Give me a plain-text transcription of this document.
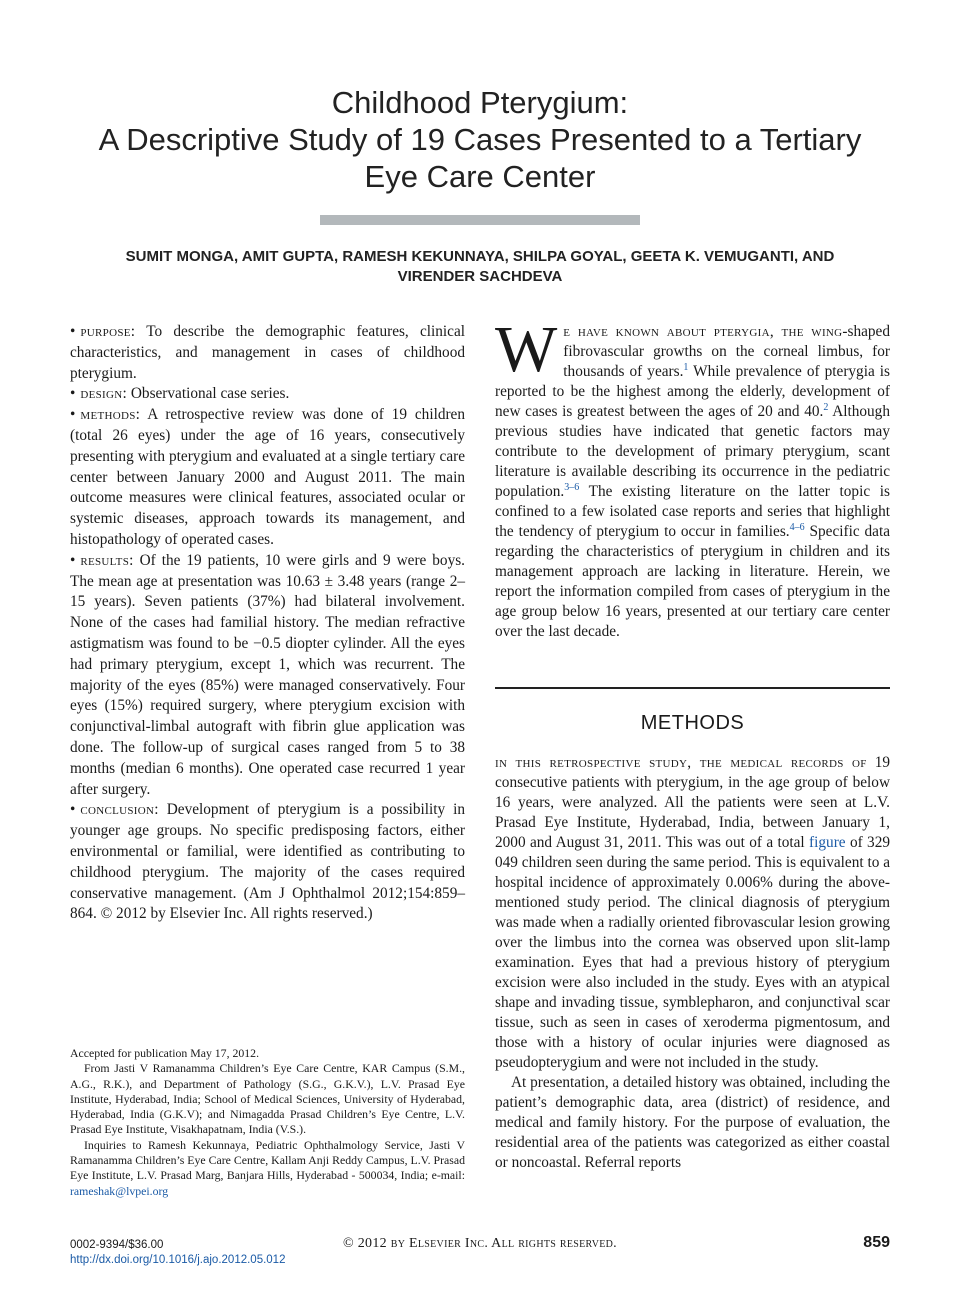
Childhood Pterygium:
A Descriptive Study of 19 Cases Presented to a Tertiary
Eye Care Center
SUMIT MONGA, AMIT GUPTA, RAMESH KEKUNNAYA, SHILPA GOYAL, GEETA K. VEMUGANTI, AND
VIRENDER SACHDEVA

• purpose: To describe the demographic features, clinical characteristics, and management in cases of childhood pterygium.

• design: Observational case series.

• methods: A retrospective review was done of 19 children (total 26 eyes) under the age of 16 years, consecutively presenting with pterygium and evaluated at a single tertiary care center between January 2000 and August 2011. The main outcome measures were clinical features, associated ocular or systemic diseases, approach towards its management, and histopathology of operated cases.

• results: Of the 19 patients, 10 were girls and 9 were boys. The mean age at presentation was 10.63 ± 3.48 years (range 2–15 years). Seven patients (37%) had bilateral involvement. None of the cases had familial history. The median refractive astigmatism was found to be −0.5 diopter cylinder. All the eyes had primary pterygium, except 1, which was recurrent. The majority of the eyes (85%) were managed conservatively. Four eyes (15%) required surgery, where pterygium excision with conjunctival-limbal autograft with fibrin glue application was done. The follow-up of surgical cases ranged from 5 to 38 months (median 6 months). One operated case recurred 1 year after surgery.

• conclusion: Development of pterygium is a possibility in younger age groups. No specific predisposing factors, either environmental or familial, were identified as contributing to childhood pterygium. The majority of the cases required conservative management. (Am J Ophthalmol 2012;154:859–864. © 2012 by Elsevier Inc. All rights reserved.)

W e have known about pterygia, the wing-shaped fibrovascular growths on the corneal limbus, for thousands of years.$^1$ While prevalence of pterygia is reported to be the highest among the elderly, development of new cases is greatest between the ages of 20 and 40.$^2$ Although previous studies have indicated that genetic factors may contribute to the development of primary pterygium, scant literature is available describing its occurrence in the pediatric population.$^{3-6}$ The existing literature on the latter topic is confined to a few isolated case reports and series that highlight the tendency of pterygium to occur in families.$^{4-6}$ Specific data regarding the characteristics of pterygium in children and its management approach are lacking in literature. Herein, we report the information compiled from cases of pterygium in the age group below 16 years, presented at our tertiary care center over the last decade.

METHODS

in this retrospective study, the medical records of 19 consecutive patients with pterygium, in the age group of below 16 years, were analyzed. All the patients were seen at L.V. Prasad Eye Institute, Hyderabad, India, between January 1, 2000 and August 31, 2011. This was out of a total figure of 329 049 children seen during the same period. This is equivalent to a hospital incidence of approximately 0.006% during the above-mentioned study period. The clinical diagnosis of pterygium was made when a radially oriented fibrovascular lesion growing over the limbus into the cornea was observed upon slit-lamp examination. Eyes that had a previous history of pterygium excision were also included in the study. Eyes with an atypical shape and invading tissue, symblepharon, and conjunctival scar tissue, such as seen in cases of xeroderma pigmentosum, and those with a history of ocular injuries were diagnosed as pseudopterygium and were not included in the study.

At presentation, a detailed history was obtained, including the patient’s demographic data, area (district) of residence, and medical and family history. For the purpose of evaluation, the residential area of the patients was categorized as either coastal or noncoastal. Referral reports

Accepted for publication May 17, 2012.

From Jasti V Ramanamma Children’s Eye Care Centre, KAR Campus (S.M., A.G., R.K.), and Department of Pathology (S.G., G.K.V.), L.V. Prasad Eye Institute, Hyderabad, India; School of Medical Sciences, University of Hyderabad, Hyderabad, India (G.K.V); and Nimagadda Prasad Children’s Eye Centre, L.V. Prasad Eye Institute, Visakhapatnam, India (V.S.).

Inquiries to Ramesh Kekunnaya, Pediatric Ophthalmology Service, Jasti V Ramanamma Children’s Eye Care Centre, Kallam Anji Reddy Campus, L.V. Prasad Eye Institute, L.V. Prasad Marg, Banjara Hills, Hyderabad - 500034, India; e-mail: rameshak@lvpei.org

0002-9394/$36.00
http://dx.doi.org/10.1016/j.ajo.2012.05.012
© 2012 by Elsevier Inc. All rights reserved.	859
